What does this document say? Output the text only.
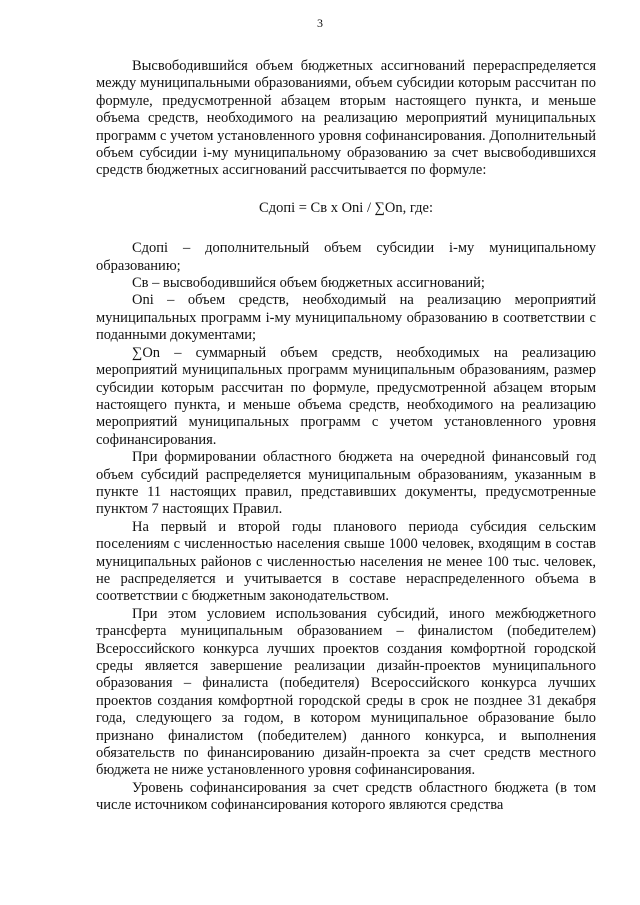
3

Высвободившийся объем бюджетных ассигнований перераспределяется между муниципальными образованиями, объем субсидии которым рассчитан по формуле, предусмотренной абзацем вторым настоящего пункта, и меньше объема средств, необходимого на реализацию мероприятий муниципальных программ с учетом установленного уровня софинансирования. Дополнительный объем субсидии i-му муниципальному образованию за счет высвободившихся средств бюджетных ассигнований рассчитывается по формуле:

Сдопi = Св х Оni / ∑Оn, где:

Сдопi – дополнительный объем субсидии i-му муниципальному образованию;

Св – высвободившийся объем бюджетных ассигнований;

Оni – объем средств, необходимый на реализацию мероприятий муниципальных программ i-му муниципальному образованию в соответствии с поданными документами;

∑Оn – суммарный объем средств, необходимых на реализацию мероприятий муниципальных программ муниципальным образованиям, размер субсидии которым рассчитан по формуле, предусмотренной абзацем вторым настоящего пункта, и меньше объема средств, необходимого на реализацию мероприятий муниципальных программ с учетом установленного уровня софинансирования.

При формировании областного бюджета на очередной финансовый год объем субсидий распределяется муниципальным образованиям, указанным в пункте 11 настоящих правил, представивших документы, предусмотренные пунктом 7 настоящих Правил.

На первый и второй годы планового периода субсидия сельским поселениям с численностью населения свыше 1000 человек, входящим в состав муниципальных районов с численностью населения не менее 100 тыс. человек, не распределяется и учитывается в составе нераспределенного объема в соответствии с бюджетным законодательством.

При этом условием использования субсидий, иного межбюджетного трансферта муниципальным образованием – финалистом (победителем) Всероссийского конкурса лучших проектов создания комфортной городской среды является завершение реализации дизайн-проектов муниципального образования – финалиста (победителя) Всероссийского конкурса лучших проектов создания комфортной городской среды в срок не позднее 31 декабря года, следующего за годом, в котором муниципальное образование было признано финалистом (победителем) данного конкурса, и выполнения обязательств по финансированию дизайн-проекта за счет средств местного бюджета не ниже установленного уровня софинансирования.

Уровень софинансирования за счет средств областного бюджета (в том числе источником софинансирования которого являются средства
